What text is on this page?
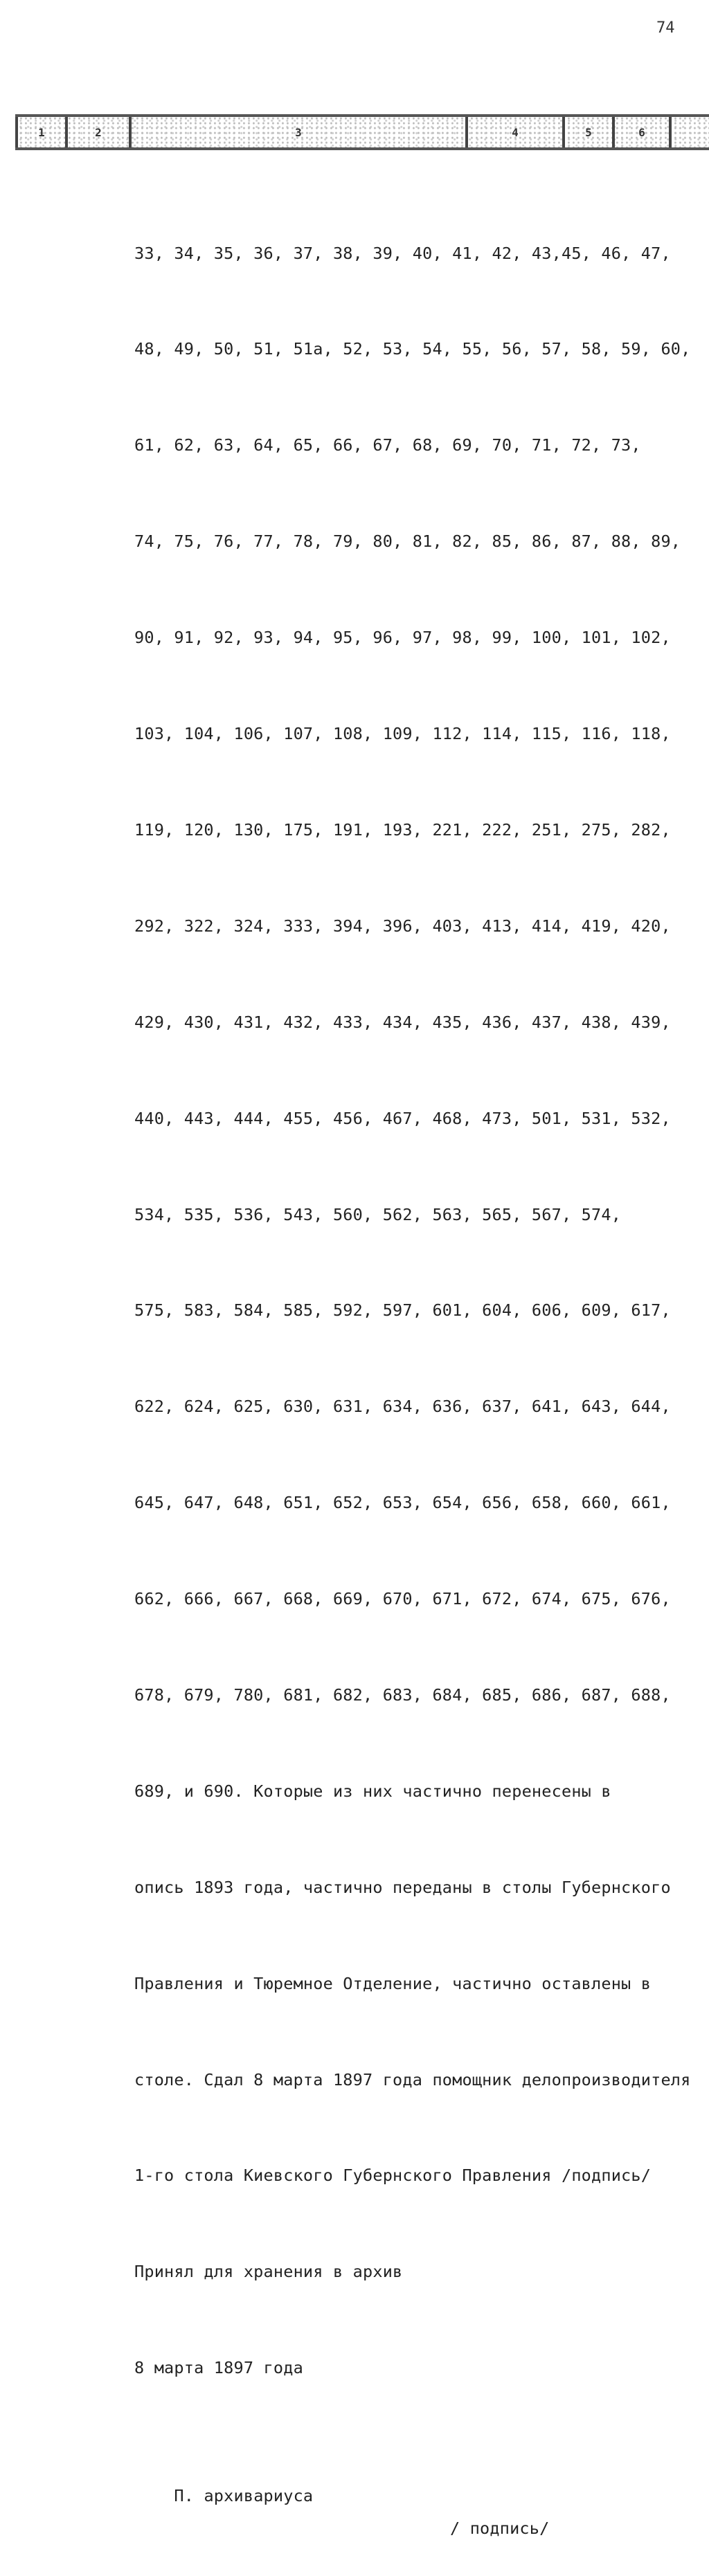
74
1	2	3	4	5	6

33, 34, 35, 36, 37, 38, 39, 40, 41, 42, 43,45, 46, 47,

48, 49, 50, 51, 51а, 52, 53, 54, 55, 56, 57, 58, 59, 60,

61, 62, 63, 64, 65, 66, 67, 68, 69, 70, 71, 72, 73,

74, 75, 76, 77, 78, 79, 80, 81, 82, 85, 86, 87, 88, 89,

90, 91, 92, 93, 94, 95, 96, 97, 98, 99, 100, 101, 102,

103, 104, 106, 107, 108, 109, 112, 114, 115, 116, 118,

119, 120, 130, 175, 191, 193, 221, 222, 251, 275, 282,

292, 322, 324, 333, 394, 396, 403, 413, 414, 419, 420,

429, 430, 431, 432, 433, 434, 435, 436, 437, 438, 439,

440, 443, 444, 455, 456, 467, 468, 473, 501, 531, 532,

534, 535, 536, 543, 560, 562, 563, 565, 567, 574,

575, 583, 584, 585, 592, 597, 601, 604, 606, 609, 617,

622, 624, 625, 630, 631, 634, 636, 637, 641, 643, 644,

645, 647, 648, 651, 652, 653, 654, 656, 658, 660, 661,

662, 666, 667, 668, 669, 670, 671, 672, 674, 675, 676,

678, 679, 780, 681, 682, 683, 684, 685, 686, 687, 688,

689, и 690. Которые из них частично перенесены в

опись 1893 года, частично переданы в столы Губернского

Правления и Тюремное Отделение, частично оставлены в

столе. Сдал 8 марта 1897 года помощник делопроизводителя

1-го стола Киевского Губернского Правления /подпись/

Принял для хранения в архив

8 марта 1897 года

П. архивариуса

/ подпись/
